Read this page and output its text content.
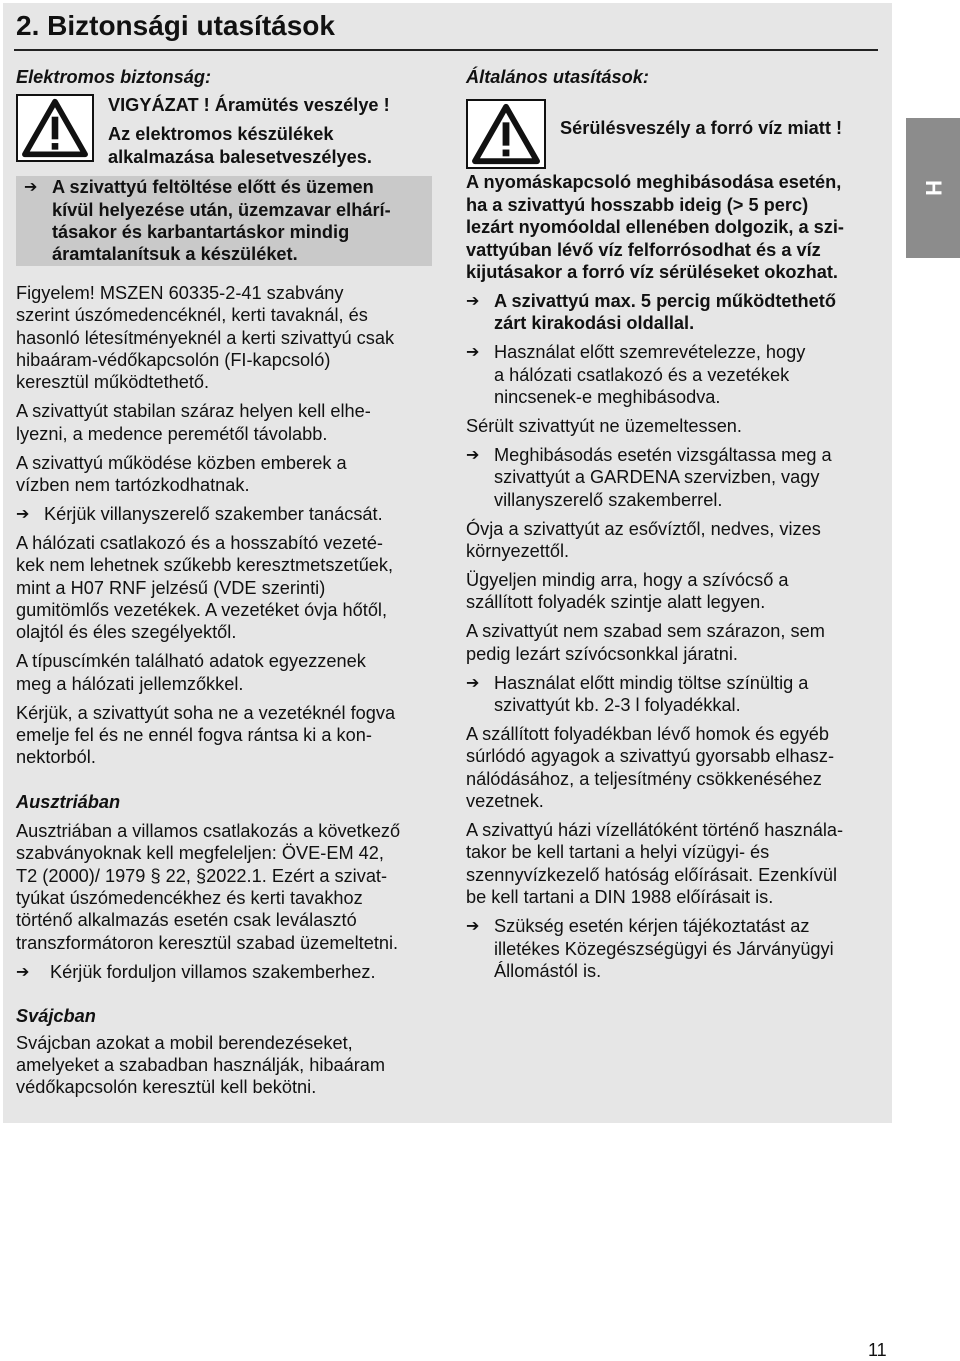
2. Biztonsági utasítások
H

Elektromos biztonság:

VIGYÁZAT ! Áramütés veszélye !

Az elektromos készülékek

alkalmazása balesetveszélyes.

➔ A szivattyú feltöltése előtt és üzemen

kívül helyezése után, üzemzavar elhárí-

tásakor és karbantartáskor mindig

áramtalanítsuk a készüléket.

Figyelem! MSZEN 60335-2-41 szabvány

szerint úszómedencéknél, kerti tavaknál, és

hasonló létesítményeknél a kerti szivattyú csak

hibaáram-védőkapcsolón (FI-kapcsoló)

keresztül működtethető.

A szivattyút stabilan száraz helyen kell elhe-

lyezni, a medence peremétől távolabb.

A szivattyú működése közben emberek a

vízben nem tartózkodhatnak.

➔ Kérjük villanyszerelő szakember tanácsát.

A hálózati csatlakozó és a hosszabító vezeté-

kek nem lehetnek szűkebb keresztmetszetűek,

mint a H07 RNF jelzésű (VDE szerinti)

gumitömlős vezetékek. A vezetéket óvja hőtől,

olajtól és éles szegélyektől.

A típuscímkén található adatok egyezzenek

meg a hálózati jellemzőkkel.

Kérjük, a szivattyút soha ne a vezetéknél fogva

emelje fel és ne ennél fogva rántsa ki a kon-

nektorból.

Ausztriában

Ausztriában a villamos csatlakozás a következő

szabványoknak kell megfeleljen: ÖVE-EM 42,

T2 (2000)/ 1979 § 22, §2022.1. Ezért a szivat-

tyúkat úszómedencékhez és kerti tavakhoz

történő alkalmazás esetén csak leválasztó

transzformátoron keresztül szabad üzemeltetni.

➔	Kérjük forduljon villamos szakemberhez.

Svájcban

Svájcban azokat a mobil berendezéseket,

amelyeket a szabadban használják, hibaáram

védőkapcsolón keresztül kell bekötni.

Általános utasítások:

Sérülésveszély a forró víz miatt !

A nyomáskapcsoló meghibásodása esetén,

ha a szivattyú hosszabb ideig (> 5 perc)

lezárt nyomóoldal ellenében dolgozik, a szi-

vattyúban lévő víz felforrósodhat és a víz

kijutásakor a forró víz sérüléseket okozhat.

➔ A szivattyú max. 5 percig működtethető

zárt kirakodási oldallal.

➔ Használat előtt szemrevételezze, hogy

a hálózati csatlakozó és a vezetékek

nincsenek-e meghibásodva.

Sérült szivattyút ne üzemeltessen.

➔ Meghibásodás esetén vizsgáltassa meg a

szivattyút a GARDENA szervizben, vagy

villanyszerelő szakemberrel.

Óvja a szivattyút az esővíztől, nedves, vizes

környezettől.

Ügyeljen mindig arra, hogy a szívócső a

szállított folyadék szintje alatt legyen.

A szivattyút nem szabad sem szárazon, sem

pedig lezárt szívócsonkkal járatni.

➔ Használat előtt mindig töltse színültig a

szivattyút kb. 2-3 l folyadékkal.

A szállított folyadékban lévő homok és egyéb

súrlódó agyagok a szivattyú gyorsabb elhasz-

nálódásához, a teljesítmény csökkenéséhez

vezetnek.

A szivattyú házi vízellátóként történő használa-

takor be kell tartani a helyi vízügyi- és

szennyvízkezelő hatóság előírásait. Ezenkívül

be kell tartani a DIN 1988 előírásait is.

➔ Szükség esetén kérjen tájékoztatást az

illetékes Közegészségügyi és Járványügyi

Állomástól is.

11
